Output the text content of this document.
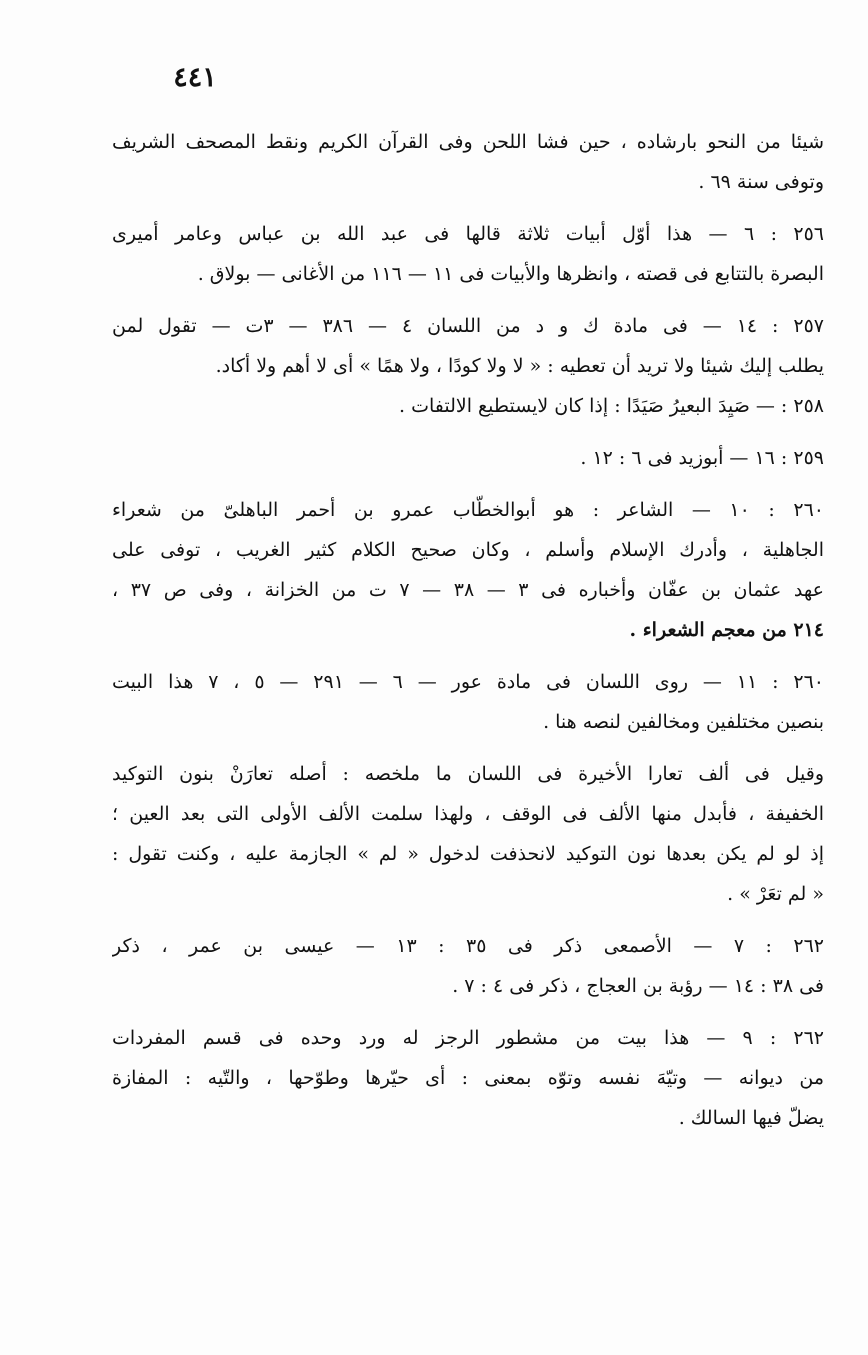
٤٤١
شيئا من النحو بارشاده ، حين فشا اللحن وفى القرآن الكريم ونقط المصحف الشريف
وتوفى سنة ٦٩ .
٢٥٦ : ٦ — هذا أوّل أبيات ثلاثة قالها فى عبد الله بن عباس وعامر أميرى
البصرة بالتتابع فى قصته ، وانظرها والأبيات فى ١١ — ١١٦ من الأغانى — بولاق .
٢٥٧ : ١٤ — فى مادة ك و د من اللسان ٤ — ٣٨٦ — ٣ت — تقول لمن
يطلب إليك شيئا ولا تريد أن تعطيه : « لا ولا كودًا ، ولا همًا » أى لا أهم ولا أكاد.
٢٥٨ : — صَيِدَ البعيرُ صَيَدًا : إذا كان لايستطيع الالتفات .
٢٥٩ : ١٦ — أبوزيد فى ٦ : ١٢ .
٢٦٠ : ١٠ — الشاعر : هو أبوالخطّاب عمرو بن أحمر الباهلىّ من شعراء
الجاهلية ، وأدرك الإسلام وأسلم ، وكان صحيح الكلام كثير الغريب ، توفى على
عهد عثمان بن عفّان وأخباره فى ٣ — ٣٨ — ٧ ت من الخزانة ، وفى ص ٣٧ ،
٢١٤ من معجم الشعراء .
٢٦٠ : ١١ — روى اللسان فى مادة عور — ٦ — ٢٩١ — ٥ ، ٧ هذا البيت
بنصين مختلفين ومخالفين لنصه هنا .
وقيل فى ألف تعارا الأخيرة فى اللسان ما ملخصه : أصله تعارَنْ بنون التوكيد
الخفيفة ، فأبدل منها الألف فى الوقف ، ولهذا سلمت الألف الأولى التى بعد العين ؛
إذ لو لم يكن بعدها نون التوكيد لانحذفت لدخول « لم » الجازمة عليه ، وكنت تقول :
« لم تعَرْ » .
٢٦٢ : ٧ — الأصمعى ذكر فى ٣٥ : ١٣ — عيسى بن عمر ، ذكر
فى ٣٨ : ١٤ — رؤبة بن العجاج ، ذكر فى ٤ : ٧ .
٢٦٢ : ٩ — هذا بيت من مشطور الرجز له ورد وحده فى قسم المفردات
من ديوانه — وتيّهَ نفسه وتوّه بمعنى : أى حيّرها وطوّحها ، والتّيه : المفازة
يضلّ فيها السالك .
